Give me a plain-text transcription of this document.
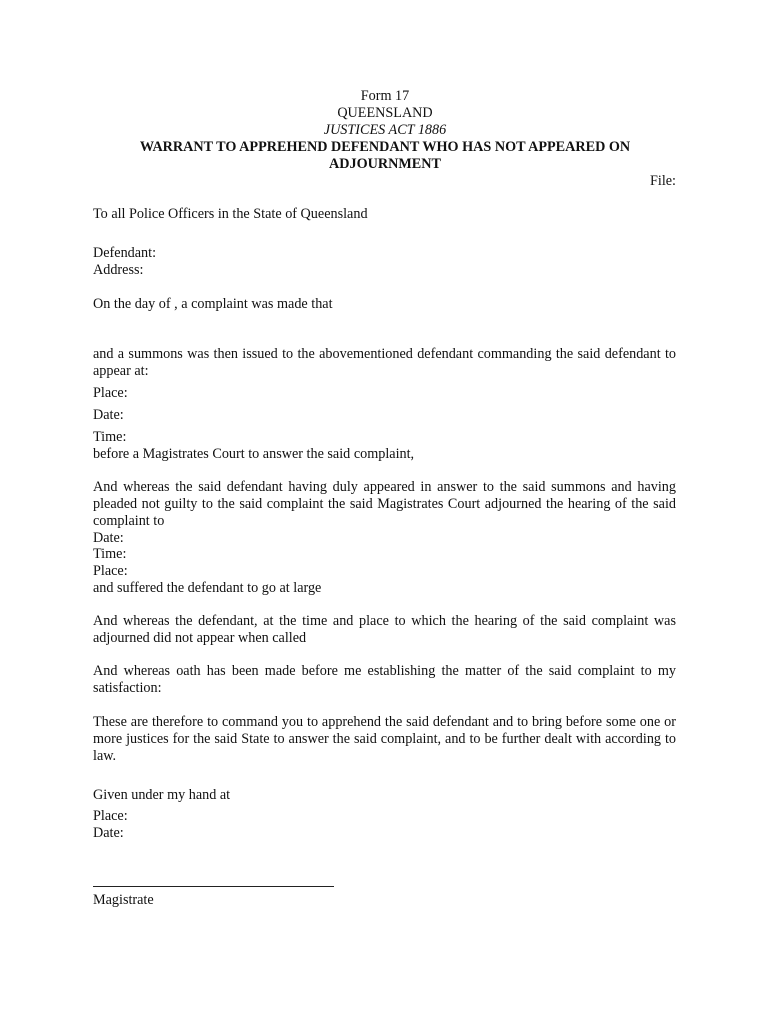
Form 17
QUEENSLAND
JUSTICES ACT 1886
WARRANT TO APPREHEND DEFENDANT WHO HAS NOT APPEARED ON
ADJOURNMENT
File:
To all Police Officers in the State of Queensland
Defendant:
Address:
On the day of , a complaint was made that
and a summons was then issued to the abovementioned defendant commanding the said defendant to appear at:
Place:
Date:
Time:
before a Magistrates Court to answer the said complaint,
And whereas the said defendant having duly appeared in answer to the said summons and having pleaded not guilty to the said complaint the said Magistrates Court adjourned the hearing of the said complaint to
Date:
Time:
Place:
and suffered the defendant to go at large
And whereas the defendant, at the time and place to which the hearing of the said complaint was adjourned did not appear when called
And whereas oath has been made before me establishing the matter of the said complaint to my satisfaction:
These are therefore to command you to apprehend the said defendant and to bring before some one or more justices for the said State to answer the said complaint, and to be further dealt with according to law.
Given under my hand at
Place:
Date:
Magistrate
